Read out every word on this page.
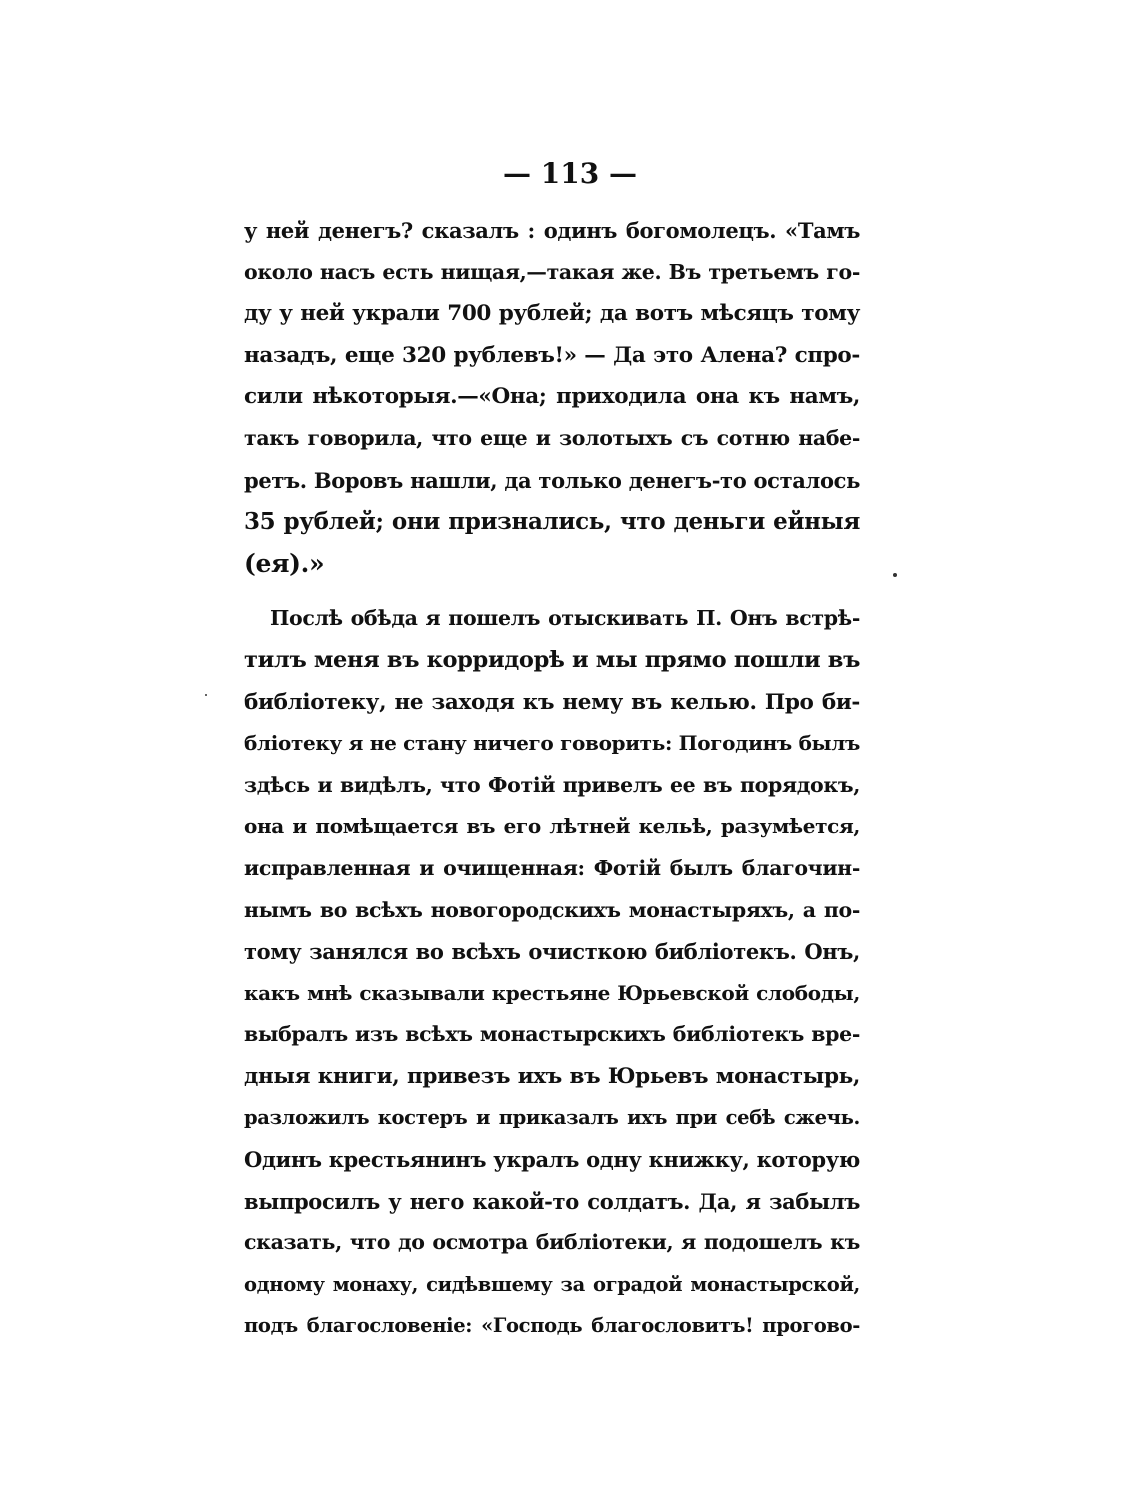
— 113 —
у ней денегъ? сказалъ : одинъ богомолецъ. «Тамъ
около насъ есть нищая,—такая же. Въ третьемъ го-
ду у ней украли 700 рублей; да вотъ мѣсяцъ тому
назадъ, еще 320 рублевъ!» — Да это Алена? спро-
сили нѣкоторыя.—«Она; приходила она къ намъ,
такъ говорила, что еще и золотыхъ съ сотню набе-
ретъ. Воровъ нашли, да только денегъ-то осталось
35 рублей; они признались, что деньги ейныя
(ея).»
Послѣ обѣда я пошелъ отыскивать П. Онъ встрѣ-
тилъ меня въ корридорѣ и мы прямо пошли въ
библіотеку, не заходя къ нему въ келью. Про би-
бліотеку я не стану ничего говорить: Погодинъ былъ
здѣсь и видѣлъ, что Фотій привелъ ее въ порядокъ,
она и помѣщается въ его лѣтней кельѣ, разумѣется,
исправленная и очищенная: Фотій былъ благочин-
нымъ во всѣхъ новогородскихъ монастыряхъ, а по-
тому занялся во всѣхъ очисткою библіотекъ. Онъ,
какъ мнѣ сказывали крестьяне Юрьевской слободы,
выбралъ изъ всѣхъ монастырскихъ библіотекъ вре-
дныя книги, привезъ ихъ въ Юрьевъ монастырь,
разложилъ костеръ и приказалъ ихъ при себѣ сжечь.
Одинъ крестьянинъ укралъ одну книжку, которую
выпросилъ у него какой-то солдатъ. Да, я забылъ
сказать, что до осмотра библіотеки, я подошелъ къ
одному монаху, сидѣвшему за оградой монастырской,
подъ благословеніе: «Господь благословитъ! прогово-
